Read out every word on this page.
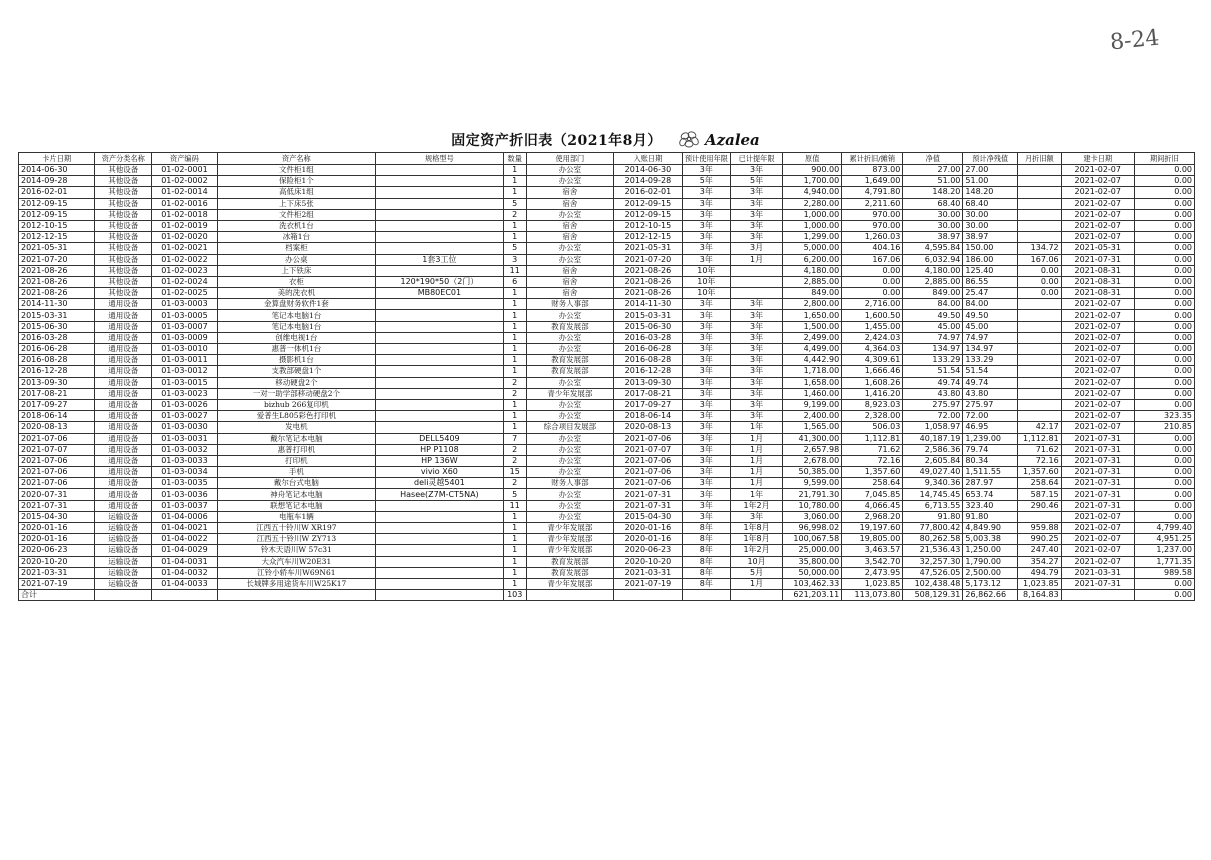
8-24
固定资产折旧表（2021年8月）	Azalea
卡片日期	资产分类名称	资产编码	资产名称	规格型号	数量	使用部门	入账日期	预计使用年限	已计提年限	原值	累计折旧/摊销	净值	预计净残值	月折旧额	建卡日期	期间折旧
2014-06-30	其他设备	01-02-0001	文件柜1组		1	办公室	2014-06-30	3年	3年	900.00	873.00	27.00	27.00		2021-02-07	0.00
2014-09-28	其他设备	01-02-0002	保险柜1个		1	办公室	2014-09-28	5年	5年	1,700.00	1,649.00	51.00	51.00		2021-02-07	0.00
2016-02-01	其他设备	01-02-0014	高低床1组		1	宿舍	2016-02-01	3年	3年	4,940.00	4,791.80	148.20	148.20		2021-02-07	0.00
2012-09-15	其他设备	01-02-0016	上下床5张		5	宿舍	2012-09-15	3年	3年	2,280.00	2,211.60	68.40	68.40		2021-02-07	0.00
2012-09-15	其他设备	01-02-0018	文件柜2组		2	办公室	2012-09-15	3年	3年	1,000.00	970.00	30.00	30.00		2021-02-07	0.00
2012-10-15	其他设备	01-02-0019	洗衣机1台		1	宿舍	2012-10-15	3年	3年	1,000.00	970.00	30.00	30.00		2021-02-07	0.00
2012-12-15	其他设备	01-02-0020	冰箱1台		1	宿舍	2012-12-15	3年	3年	1,299.00	1,260.03	38.97	38.97		2021-02-07	0.00
2021-05-31	其他设备	01-02-0021	档案柜		5	办公室	2021-05-31	3年	3月	5,000.00	404.16	4,595.84	150.00	134.72	2021-05-31	0.00
2021-07-20	其他设备	01-02-0022	办公桌	1套3工位	3	办公室	2021-07-20	3年	1月	6,200.00	167.06	6,032.94	186.00	167.06	2021-07-31	0.00
2021-08-26	其他设备	01-02-0023	上下铁床		11	宿舍	2021-08-26	10年		4,180.00	0.00	4,180.00	125.40	0.00	2021-08-31	0.00
2021-08-26	其他设备	01-02-0024	衣柜	120*190*50（2门）	6	宿舍	2021-08-26	10年		2,885.00	0.00	2,885.00	86.55	0.00	2021-08-31	0.00
2021-08-26	其他设备	01-02-0025	美的洗衣机	MB80EC01	1	宿舍	2021-08-26	10年		849.00	0.00	849.00	25.47	0.00	2021-08-31	0.00
2014-11-30	通用设备	01-03-0003	金算盘财务软件1套		1	财务人事部	2014-11-30	3年	3年	2,800.00	2,716.00	84.00	84.00		2021-02-07	0.00
2015-03-31	通用设备	01-03-0005	笔记本电脑1台		1	办公室	2015-03-31	3年	3年	1,650.00	1,600.50	49.50	49.50		2021-02-07	0.00
2015-06-30	通用设备	01-03-0007	笔记本电脑1台		1	教育发展部	2015-06-30	3年	3年	1,500.00	1,455.00	45.00	45.00		2021-02-07	0.00
2016-03-28	通用设备	01-03-0009	创维电视1台		1	办公室	2016-03-28	3年	3年	2,499.00	2,424.03	74.97	74.97		2021-02-07	0.00
2016-06-28	通用设备	01-03-0010	惠普一体机1台		1	办公室	2016-06-28	3年	3年	4,499.00	4,364.03	134.97	134.97		2021-02-07	0.00
2016-08-28	通用设备	01-03-0011	摄影机1台		1	教育发展部	2016-08-28	3年	3年	4,442.90	4,309.61	133.29	133.29		2021-02-07	0.00
2016-12-28	通用设备	01-03-0012	支教部硬盘1个		1	教育发展部	2016-12-28	3年	3年	1,718.00	1,666.46	51.54	51.54		2021-02-07	0.00
2013-09-30	通用设备	01-03-0015	移动硬盘2个		2	办公室	2013-09-30	3年	3年	1,658.00	1,608.26	49.74	49.74		2021-02-07	0.00
2017-08-21	通用设备	01-03-0023	一对一助学部移动硬盘2个		2	青少年发展部	2017-08-21	3年	3年	1,460.00	1,416.20	43.80	43.80		2021-02-07	0.00
2017-09-27	通用设备	01-03-0026	bizhub 266复印机		1	办公室	2017-09-27	3年	3年	9,199.00	8,923.03	275.97	275.97		2021-02-07	0.00
2018-06-14	通用设备	01-03-0027	爱普生L805彩色打印机		1	办公室	2018-06-14	3年	3年	2,400.00	2,328.00	72.00	72.00		2021-02-07	323.35
2020-08-13	通用设备	01-03-0030	发电机		1	综合项目发展部	2020-08-13	3年	1年	1,565.00	506.03	1,058.97	46.95	42.17	2021-02-07	210.85
2021-07-06	通用设备	01-03-0031	戴尔笔记本电脑	DELL5409	7	办公室	2021-07-06	3年	1月	41,300.00	1,112.81	40,187.19	1,239.00	1,112.81	2021-07-31	0.00
2021-07-07	通用设备	01-03-0032	惠普打印机	HP P1108	2	办公室	2021-07-07	3年	1月	2,657.98	71.62	2,586.36	79.74	71.62	2021-07-31	0.00
2021-07-06	通用设备	01-03-0033	打印机	HP 136W	2	办公室	2021-07-06	3年	1月	2,678.00	72.16	2,605.84	80.34	72.16	2021-07-31	0.00
2021-07-06	通用设备	01-03-0034	手机	vivio X60	15	办公室	2021-07-06	3年	1月	50,385.00	1,357.60	49,027.40	1,511.55	1,357.60	2021-07-31	0.00
2021-07-06	通用设备	01-03-0035	戴尔台式电脑	deli灵越5401	2	财务人事部	2021-07-06	3年	1月	9,599.00	258.64	9,340.36	287.97	258.64	2021-07-31	0.00
2020-07-31	通用设备	01-03-0036	神舟笔记本电脑	Hasee(Z7M-CT5NA)	5	办公室	2021-07-31	3年	1年	21,791.30	7,045.85	14,745.45	653.74	587.15	2021-07-31	0.00
2021-07-31	通用设备	01-03-0037	联想笔记本电脑		11	办公室	2021-07-31	3年	1年2月	10,780.00	4,066.45	6,713.55	323.40	290.46	2021-07-31	0.00
2015-04-30	运输设备	01-04-0006	电瓶车1辆		1	办公室	2015-04-30	3年	3年	3,060.00	2,968.20	91.80	91.80		2021-02-07	0.00
2020-01-16	运输设备	01-04-0021	江西五十铃川W XR197		1	青少年发展部	2020-01-16	8年	1年8月	96,998.02	19,197.60	77,800.42	4,849.90	959.88	2021-02-07	4,799.40
2020-01-16	运输设备	01-04-0022	江西五十铃川W ZY713		1	青少年发展部	2020-01-16	8年	1年8月	100,067.58	19,805.00	80,262.58	5,003.38	990.25	2021-02-07	4,951.25
2020-06-23	运输设备	01-04-0029	铃木天语川W 57c31		1	青少年发展部	2020-06-23	8年	1年2月	25,000.00	3,463.57	21,536.43	1,250.00	247.40	2021-02-07	1,237.00
2020-10-20	运输设备	01-04-0031	大众汽车川W20E31		1	教育发展部	2020-10-20	8年	10月	35,800.00	3,542.70	32,257.30	1,790.00	354.27	2021-02-07	1,771.35
2021-03-31	运输设备	01-04-0032	江铃小轿车川W69N61		1	教育发展部	2021-03-31	8年	5月	50,000.00	2,473.95	47,526.05	2,500.00	494.79	2021-03-31	989.58
2021-07-19	运输设备	01-04-0033	长城牌多用途货车川W25K17		1	青少年发展部	2021-07-19	8年	1月	103,462.33	1,023.85	102,438.48	5,173.12	1,023.85	2021-07-31	0.00
合计					103					621,203.11	113,073.80	508,129.31	26,862.66	8,164.83		0.00
